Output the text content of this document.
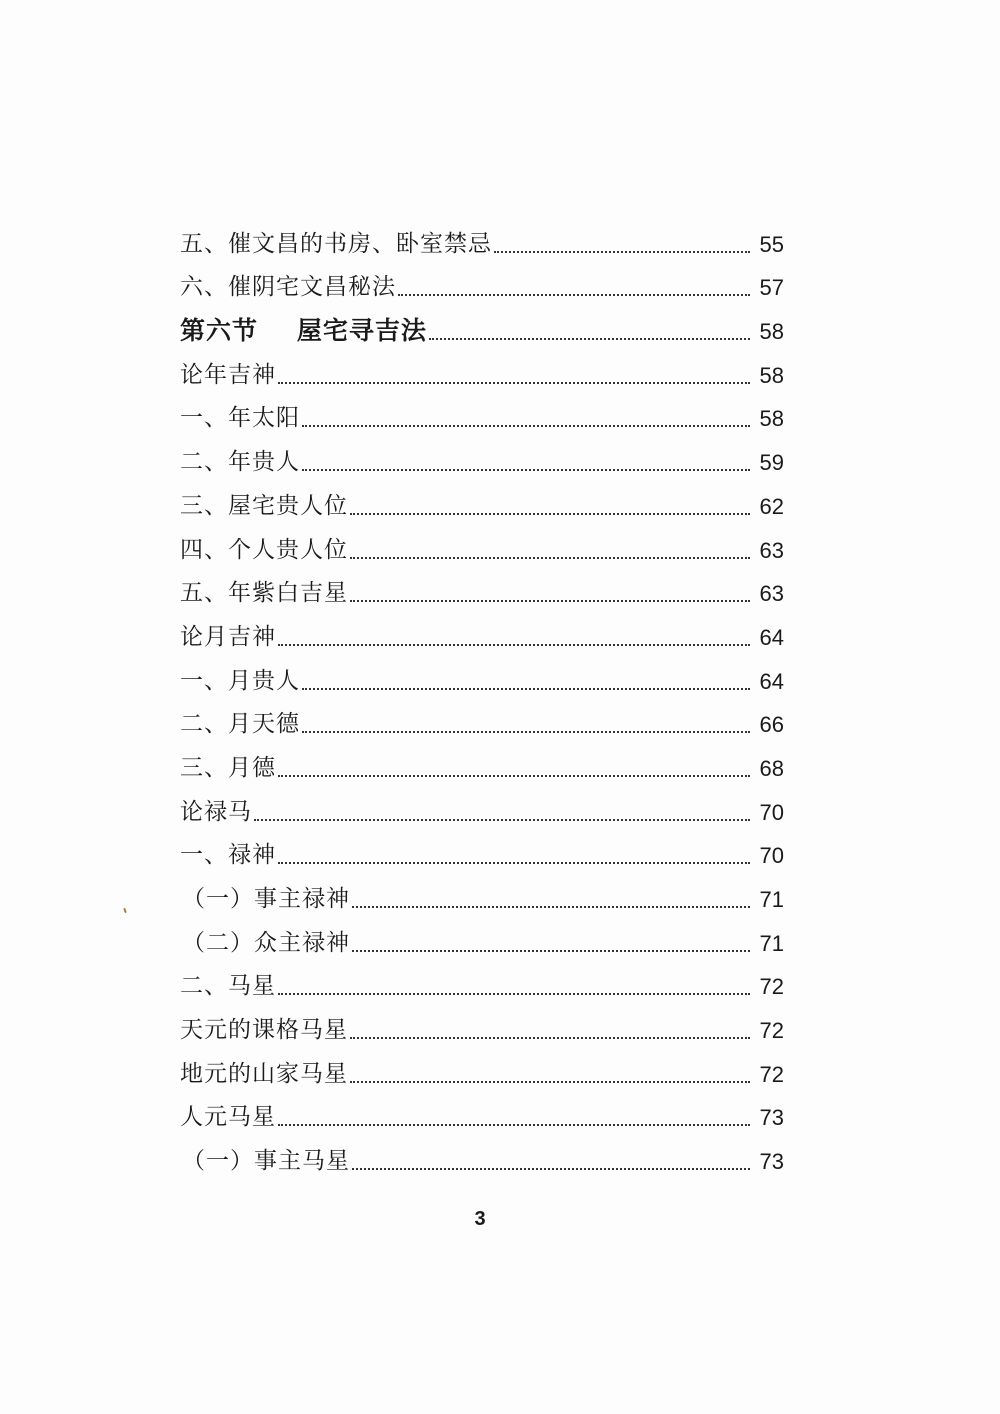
五、催文昌的书房、卧室禁忌	55
六、催阴宅文昌秘法	57
第六节    屋宅寻吉法	58
论年吉神	58
一、年太阳	58
二、年贵人	59
三、屋宅贵人位	62
四、个人贵人位	63
五、年紫白吉星	63
论月吉神	64
一、月贵人	64
二、月天德	66
三、月德	68
论禄马	70
一、禄神	70
（一）事主禄神	71
（二）众主禄神	71
二、马星	72
天元的课格马星	72
地元的山家马星	72
人元马星	73
（一）事主马星	73
3
